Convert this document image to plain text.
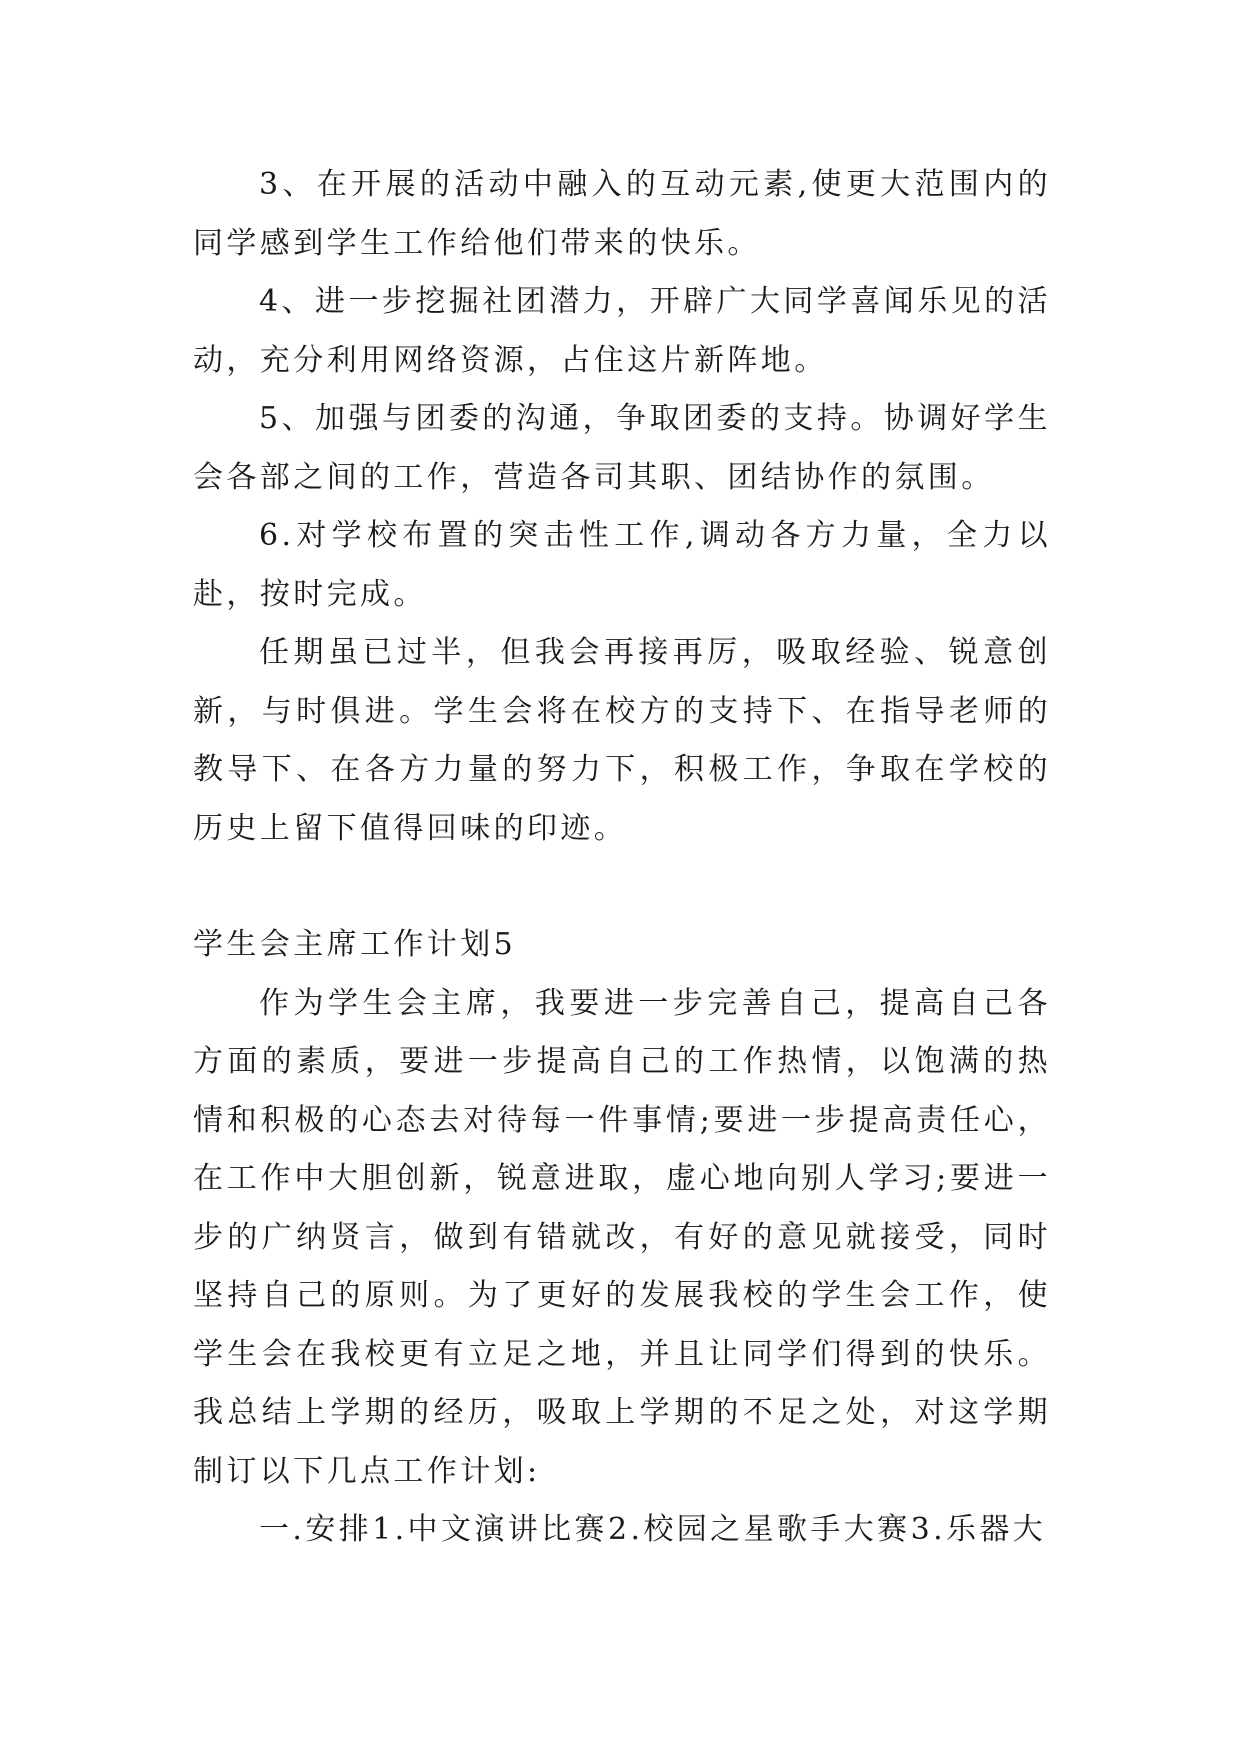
3、在开展的活动中融入的互动元素,使更大范围内的同学感到学生工作给他们带来的快乐。

4、进一步挖掘社团潜力，开辟广大同学喜闻乐见的活动，充分利用网络资源，占住这片新阵地。

5、加强与团委的沟通，争取团委的支持。协调好学生会各部之间的工作，营造各司其职、团结协作的氛围。

6.对学校布置的突击性工作,调动各方力量，全力以赴，按时完成。

任期虽已过半，但我会再接再厉，吸取经验、锐意创新，与时俱进。学生会将在校方的支持下、在指导老师的教导下、在各方力量的努力下，积极工作，争取在学校的历史上留下值得回味的印迹。

学生会主席工作计划5

作为学生会主席，我要进一步完善自己，提高自己各方面的素质，要进一步提高自己的工作热情，以饱满的热情和积极的心态去对待每一件事情;要进一步提高责任心，在工作中大胆创新，锐意进取，虚心地向别人学习;要进一步的广纳贤言，做到有错就改，有好的意见就接受，同时坚持自己的原则。为了更好的发展我校的学生会工作，使学生会在我校更有立足之地，并且让同学们得到的快乐。我总结上学期的经历，吸取上学期的不足之处，对这学期制订以下几点工作计划:

一.安排1.中文演讲比赛2.校园之星歌手大赛3.乐器大
